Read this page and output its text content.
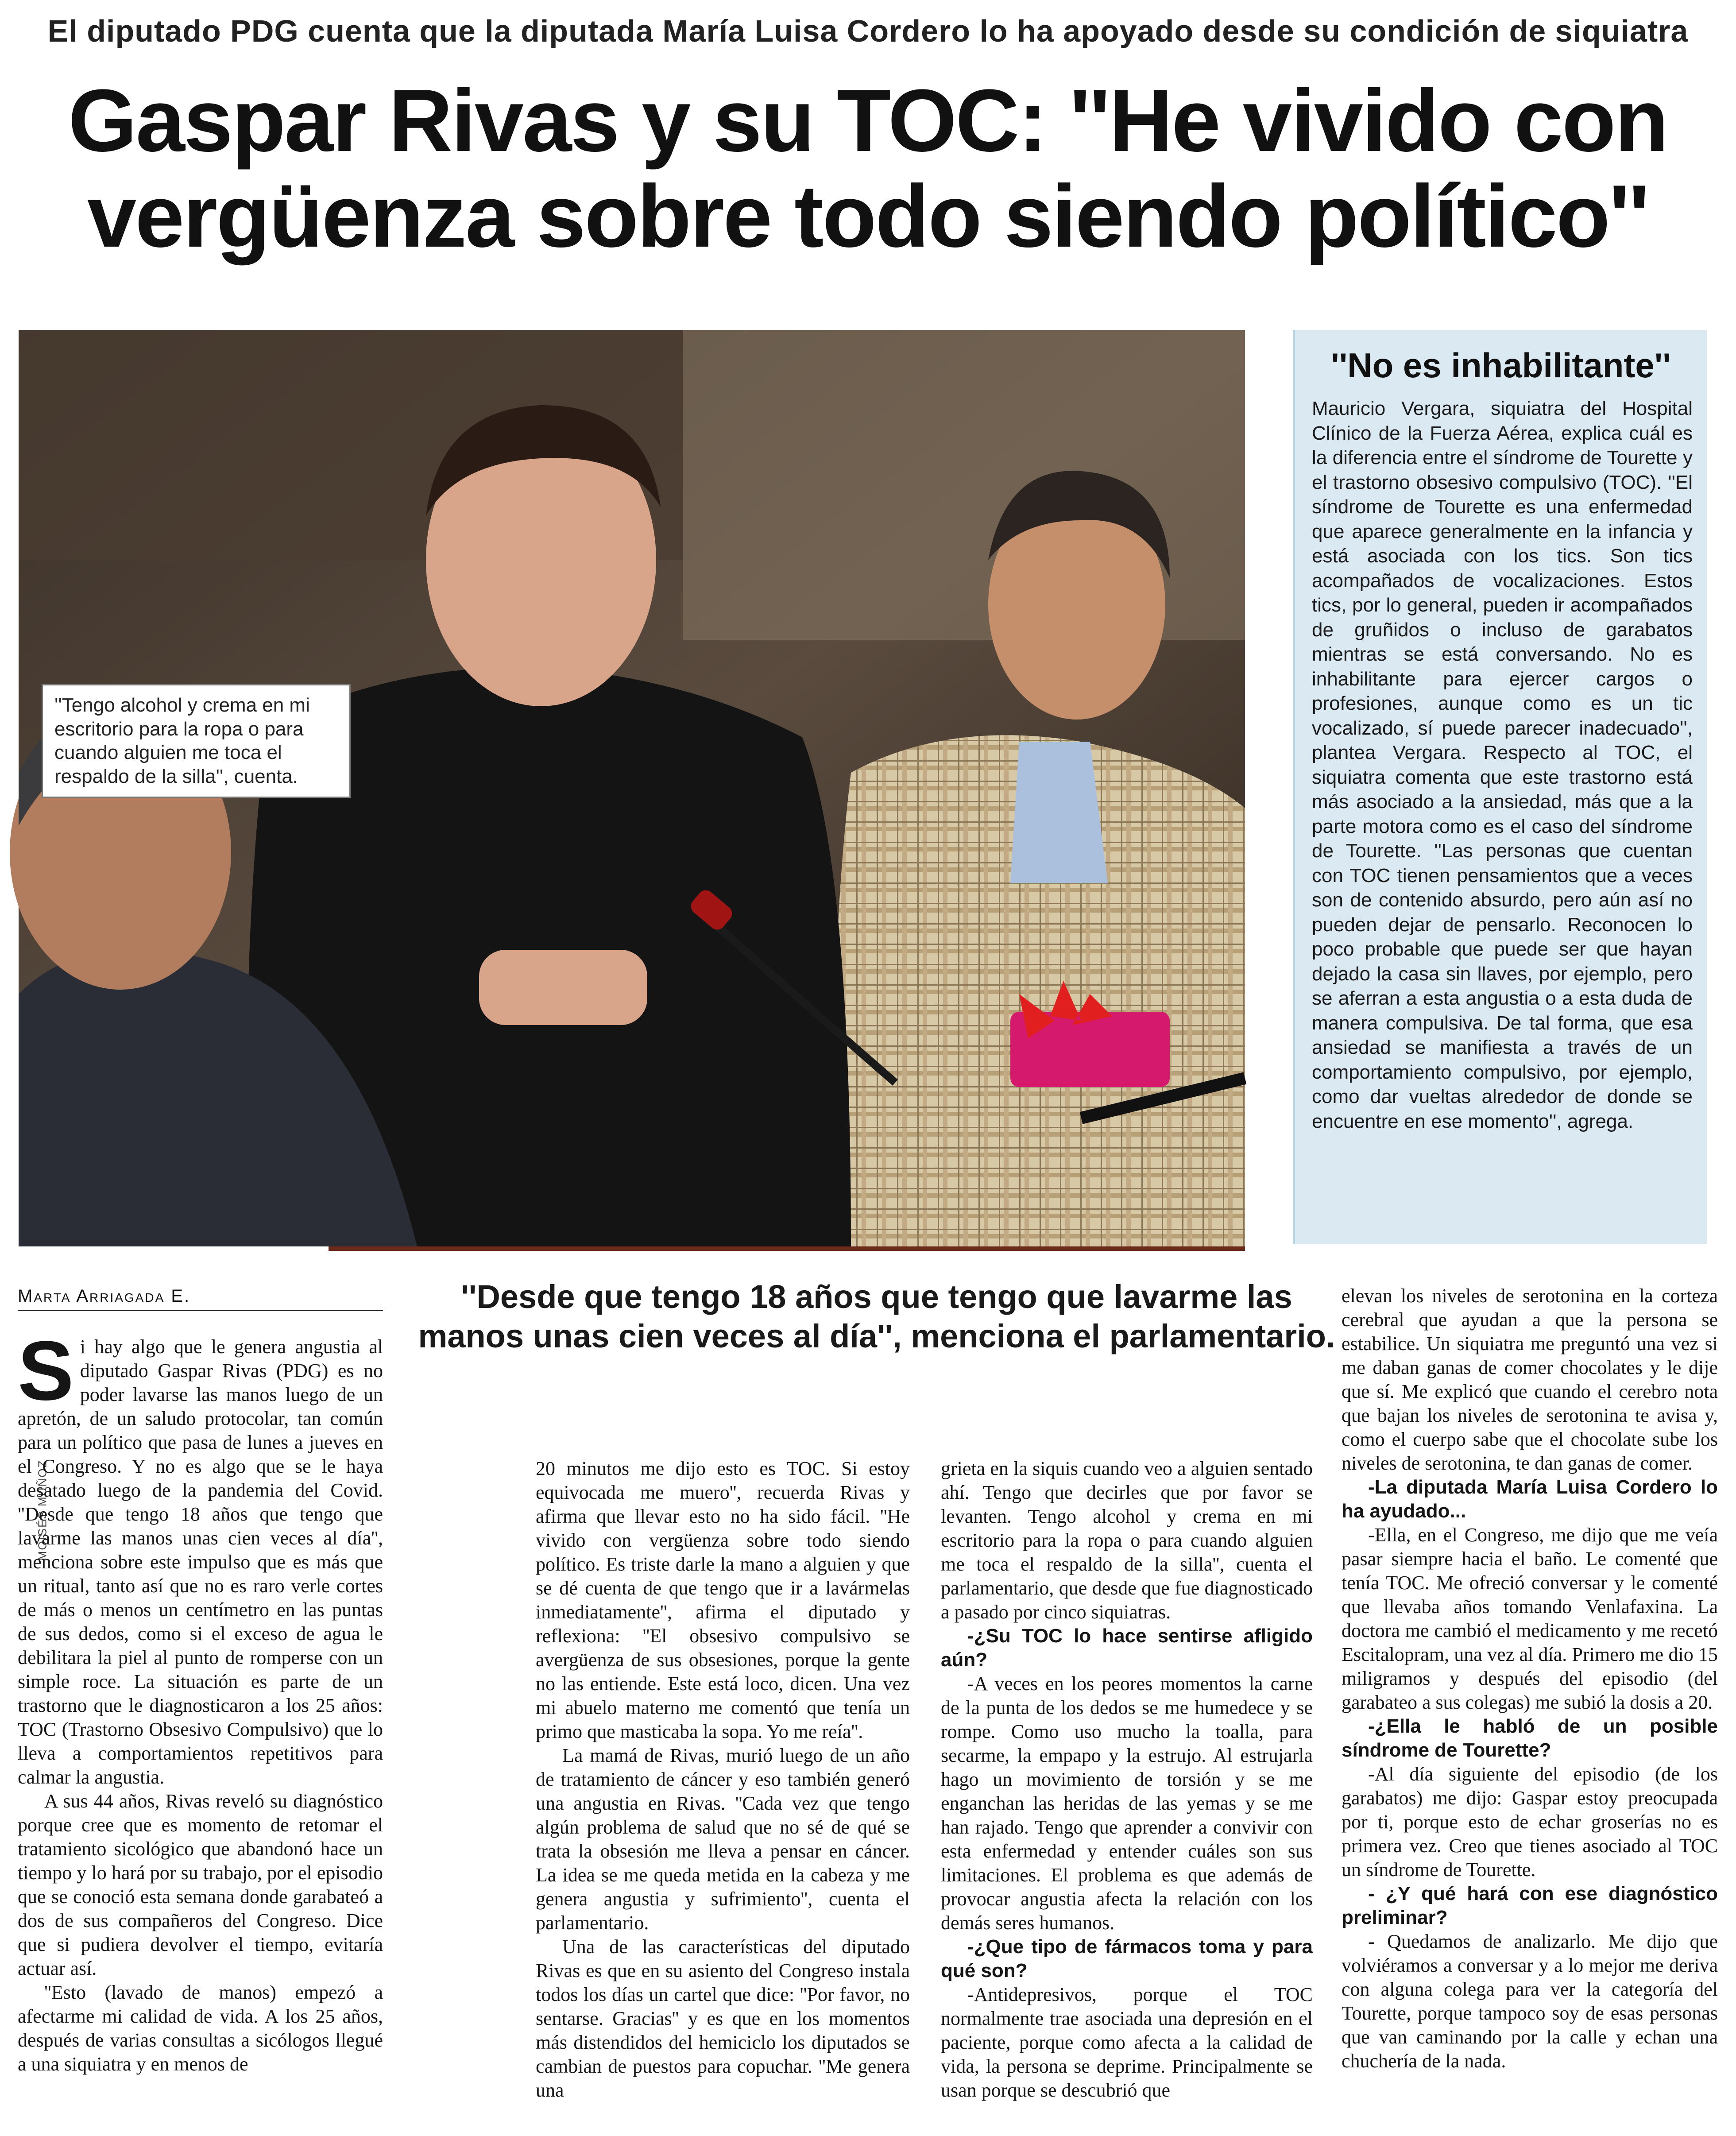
El diputado PDG cuenta que la diputada María Luisa Cordero lo ha apoyado desde su condición de siquiatra
Gaspar Rivas y su TOC: ''He vivido con
vergüenza sobre todo siendo político''
''Tengo alcohol y crema en mi escritorio para la ropa o para cuando alguien me toca el respaldo de la silla'', cuenta.
MOISÉS MUÑOZ
''No es inhabilitante''
Mauricio Vergara, siquiatra del Hospital Clínico de la Fuerza Aérea, explica cuál es la diferencia entre el síndrome de Tourette y el trastorno obsesivo compulsivo (TOC). ''El síndrome de Tourette es una enfermedad que aparece generalmente en la infancia y está asociada con los tics. Son tics acompañados de vocalizaciones. Estos tics, por lo general, pueden ir acompañados de gruñidos o incluso de garabatos mientras se está conversando. No es inhabilitante para ejercer cargos o profesiones, aunque como es un tic vocalizado, sí puede parecer inadecuado'', plantea Vergara. Respecto al TOC, el siquiatra comenta que este trastorno está más asociado a la ansiedad, más que a la parte motora como es el caso del síndrome de Tourette. ''Las personas que cuentan con TOC tienen pensamientos que a veces son de contenido absurdo, pero aún así no pueden dejar de pensarlo. Reconocen lo poco probable que puede ser que hayan dejado la casa sin llaves, por ejemplo, pero se aferran a esta angustia o a esta duda de manera compulsiva. De tal forma, que esa ansiedad se manifiesta a través de un comportamiento compulsivo, por ejemplo, como dar vueltas alrededor de donde se encuentre en ese momento'', agrega.
Marta Arriagada E.	''Desde que tengo 18 años que tengo que lavarme las manos unas cien veces al día'', menciona el parlamentario.
S i hay algo que le genera angustia al diputado Gaspar Rivas (PDG) es no poder lavarse las manos luego de un apretón, de un saludo protocolar, tan común para un político que pasa de lunes a jueves en el Congreso. Y no es algo que se le haya desatado luego de la pandemia del Covid. ''Desde que tengo 18 años que tengo que lavarme las manos unas cien veces al día'', menciona sobre este impulso que es más que un ritual, tanto así que no es raro verle cortes de más o menos un centímetro en las puntas de sus dedos, como si el exceso de agua le debilitara la piel al punto de romperse con un simple roce. La situación es parte de un trastorno que le diagnosticaron a los 25 años: TOC (Trastorno Obsesivo Compulsivo) que lo lleva a comportamientos repetitivos para calmar la angustia.

A sus 44 años, Rivas reveló su diagnóstico porque cree que es momento de retomar el tratamiento sicológico que abandonó hace un tiempo y lo hará por su trabajo, por el episodio que se conoció esta semana donde garabateó a dos de sus compañeros del Congreso. Dice que si pudiera devolver el tiempo, evitaría actuar así.

''Esto (lavado de manos) empezó a afectarme mi calidad de vida. A los 25 años, después de varias consultas a sicólogos llegué a una siquiatra y en menos de

20 minutos me dijo esto es TOC. Si estoy equivocada me muero'', recuerda Rivas y afirma que llevar esto no ha sido fácil. ''He vivido con vergüenza sobre todo siendo político. Es triste darle la mano a alguien y que se dé cuenta de que tengo que ir a lavármelas inmediatamente'', afirma el diputado y reflexiona: ''El obsesivo compulsivo se avergüenza de sus obsesiones, porque la gente no las entiende. Este está loco, dicen. Una vez mi abuelo materno me comentó que tenía un primo que masticaba la sopa. Yo me reía''.

La mamá de Rivas, murió luego de un año de tratamiento de cáncer y eso también generó una angustia en Rivas. ''Cada vez que tengo algún problema de salud que no sé de qué se trata la obsesión me lleva a pensar en cáncer. La idea se me queda metida en la cabeza y me genera angustia y sufrimiento'', cuenta el parlamentario.

Una de las características del diputado Rivas es que en su asiento del Congreso instala todos los días un cartel que dice: ''Por favor, no sentarse. Gracias'' y es que en los momentos más distendidos del hemiciclo los diputados se cambian de puestos para copuchar. ''Me genera una

grieta en la siquis cuando veo a alguien sentado ahí. Tengo que decirles que por favor se levanten. Tengo alcohol y crema en mi escritorio para la ropa o para cuando alguien me toca el respaldo de la silla'', cuenta el parlamentario, que desde que fue diagnosticado a pasado por cinco siquiatras.

-¿Su TOC lo hace sentirse afligido aún?

-A veces en los peores momentos la carne de la punta de los dedos se me humedece y se rompe. Como uso mucho la toalla, para secarme, la empapo y la estrujo. Al estrujarla hago un movimiento de torsión y se me enganchan las heridas de las yemas y se me han rajado. Tengo que aprender a convivir con esta enfermedad y entender cuáles son sus limitaciones. El problema es que además de provocar angustia afecta la relación con los demás seres humanos.

-¿Que tipo de fármacos toma y para qué son?

-Antidepresivos, porque el TOC normalmente trae asociada una depresión en el paciente, porque como afecta a la calidad de vida, la persona se deprime. Principalmente se usan porque se descubrió que

elevan los niveles de serotonina en la corteza cerebral que ayudan a que la persona se estabilice. Un siquiatra me preguntó una vez si me daban ganas de comer chocolates y le dije que sí. Me explicó que cuando el cerebro nota que bajan los niveles de serotonina te avisa y, como el cuerpo sabe que el chocolate sube los niveles de serotonina, te dan ganas de comer.

-La diputada María Luisa Cordero lo ha ayudado...

-Ella, en el Congreso, me dijo que me veía pasar siempre hacia el baño. Le comenté que tenía TOC. Me ofreció conversar y le comenté que llevaba años tomando Venlafaxina. La doctora me cambió el medicamento y me recetó Escitalopram, una vez al día. Primero me dio 15 miligramos y después del episodio (del garabateo a sus colegas) me subió la dosis a 20.

-¿Ella le habló de un posible síndrome de Tourette?

-Al día siguiente del episodio (de los garabatos) me dijo: Gaspar estoy preocupada por ti, porque esto de echar groserías no es primera vez. Creo que tienes asociado al TOC un síndrome de Tourette.

- ¿Y qué hará con ese diagnóstico preliminar?

- Quedamos de analizarlo. Me dijo que volviéramos a conversar y a lo mejor me deriva con alguna colega para ver la categoría del Tourette, porque tampoco soy de esas personas que van caminando por la calle y echan una chuchería de la nada.
